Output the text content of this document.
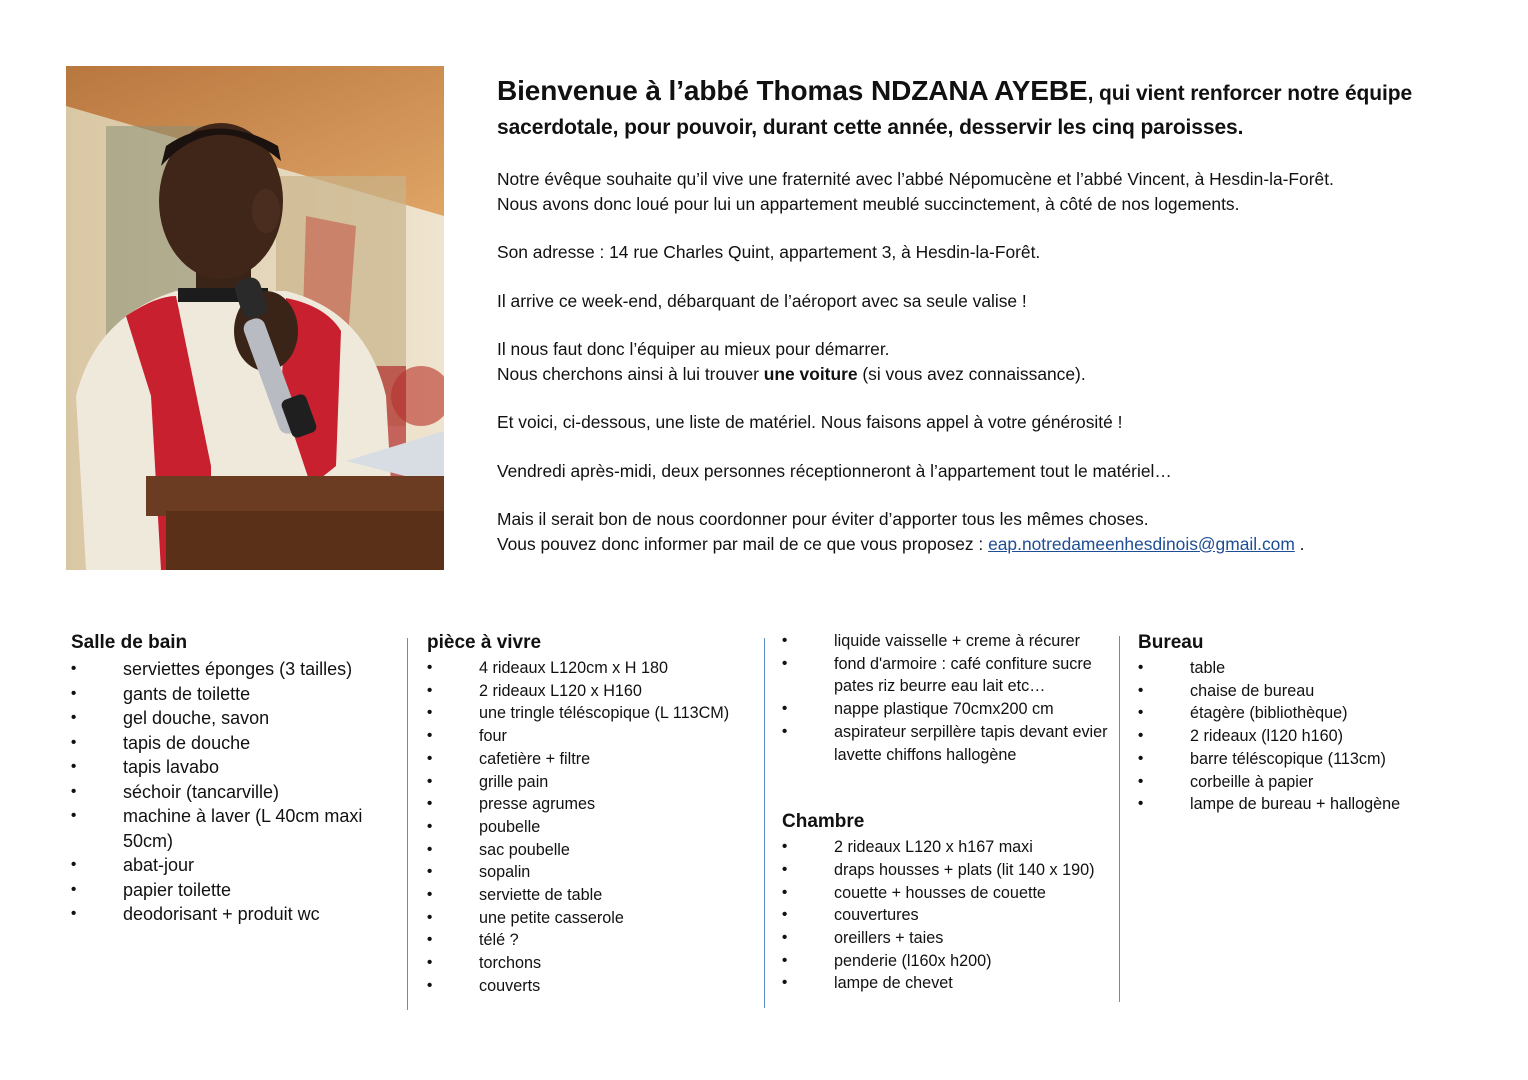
Bienvenue à l’abbé Thomas NDZANA AYEBE, qui vient renforcer notre équipe sacerdotale, pour pouvoir, durant cette année, desservir les cinq paroisses.

Notre évêque souhaite qu’il vive une fraternité avec l’abbé Népomucène et l’abbé Vincent, à Hesdin-la-Forêt.

Nous avons donc loué pour lui un appartement meublé succinctement, à côté de nos logements.

Son adresse : 14 rue Charles Quint, appartement 3, à Hesdin-la-Forêt.

Il arrive ce week-end, débarquant de l’aéroport avec sa seule valise !

Il nous faut donc l’équiper au mieux pour démarrer.

Nous cherchons ainsi à lui trouver une voiture (si vous avez connaissance).

Et voici, ci-dessous, une liste de matériel. Nous faisons appel à votre générosité !

Vendredi après-midi, deux personnes réceptionneront à l’appartement tout le matériel…

Mais il serait bon de nous coordonner pour éviter d’apporter tous les mêmes choses.

Vous pouvez donc informer par mail de ce que vous proposez : eap.notredameenhesdinois@gmail.com .

Salle de bain
• serviettes éponges (3 tailles)
• gants de toilette
• gel douche, savon
• tapis de douche
• tapis lavabo
• séchoir (tancarville)
• machine à laver (L 40cm maxi 50cm)
• abat-jour
• papier toilette
• deodorisant + produit wc
pièce à vivre
• 4 rideaux L120cm x H 180
• 2 rideaux L120 x H160
• une tringle téléscopique (L 113CM)
• four
• cafetière + filtre
• grille pain
• presse agrumes
• poubelle
• sac poubelle
• sopalin
• serviette de table
• une petite casserole
• télé ?
• torchons
• couverts
• liquide vaisselle + creme à récurer
• fond d'armoire : café confiture sucre pates riz beurre eau lait etc…
• nappe plastique 70cmx200 cm
• aspirateur serpillère tapis devant evier lavette chiffons hallogène
Chambre
• 2 rideaux L120 x h167 maxi
• draps housses + plats (lit 140 x 190)
• couette + housses de couette
• couvertures
• oreillers + taies
• penderie (l160x h200)
• lampe de chevet
Bureau
• table
• chaise de bureau
• étagère (bibliothèque)
• 2 rideaux (l120 h160)
• barre téléscopique (113cm)
• corbeille à papier
• lampe de bureau + hallogène
